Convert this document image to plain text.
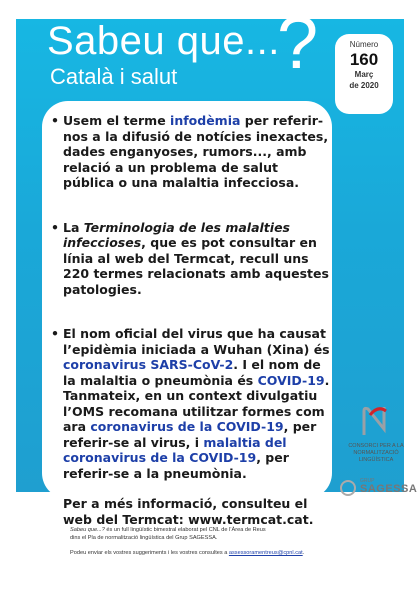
Sabeu que...
?
Català i salut
Número
160
Març
de 2020

• Usem el terme infodèmia per referir-nos a la difusió de notícies inexactes, dades enganyoses, rumors..., amb relació a un problema de salut pública o una malaltia infecciosa.

• La Terminologia de les malalties infeccioses, que es pot consultar en línia al web del Termcat, recull uns 220 termes relacionats amb aquestes patologies.

• El nom oficial del virus que ha causat l’epidèmia iniciada a Wuhan (Xina) és coronavirus SARS-CoV-2. I el nom de la malaltia o pneumònia és COVID-19. Tanmateix, en un context divulgatiu l’OMS recomana utilitzar formes com ara coronavirus de la COVID-19, per referir-se al virus, i malaltia del coronavirus de la COVID-19, per referir-se a la pneumònia.

Per a més informació, consulteu el web del Termcat: www.termcat.cat.

CONSORCI PER A LA NORMALITZACIÓ LINGÜÍSTICA
GRUP
SAGESSA
Sabeu que...? és un full lingüístic bimestral elaborat pel CNL de l’Àrea de Reus
dins el Pla de normalització lingüística del Grup SAGESSA.
Podeu enviar els vostres suggeriments i les vostres consultes a assessoramentreus@cpnl.cat.
